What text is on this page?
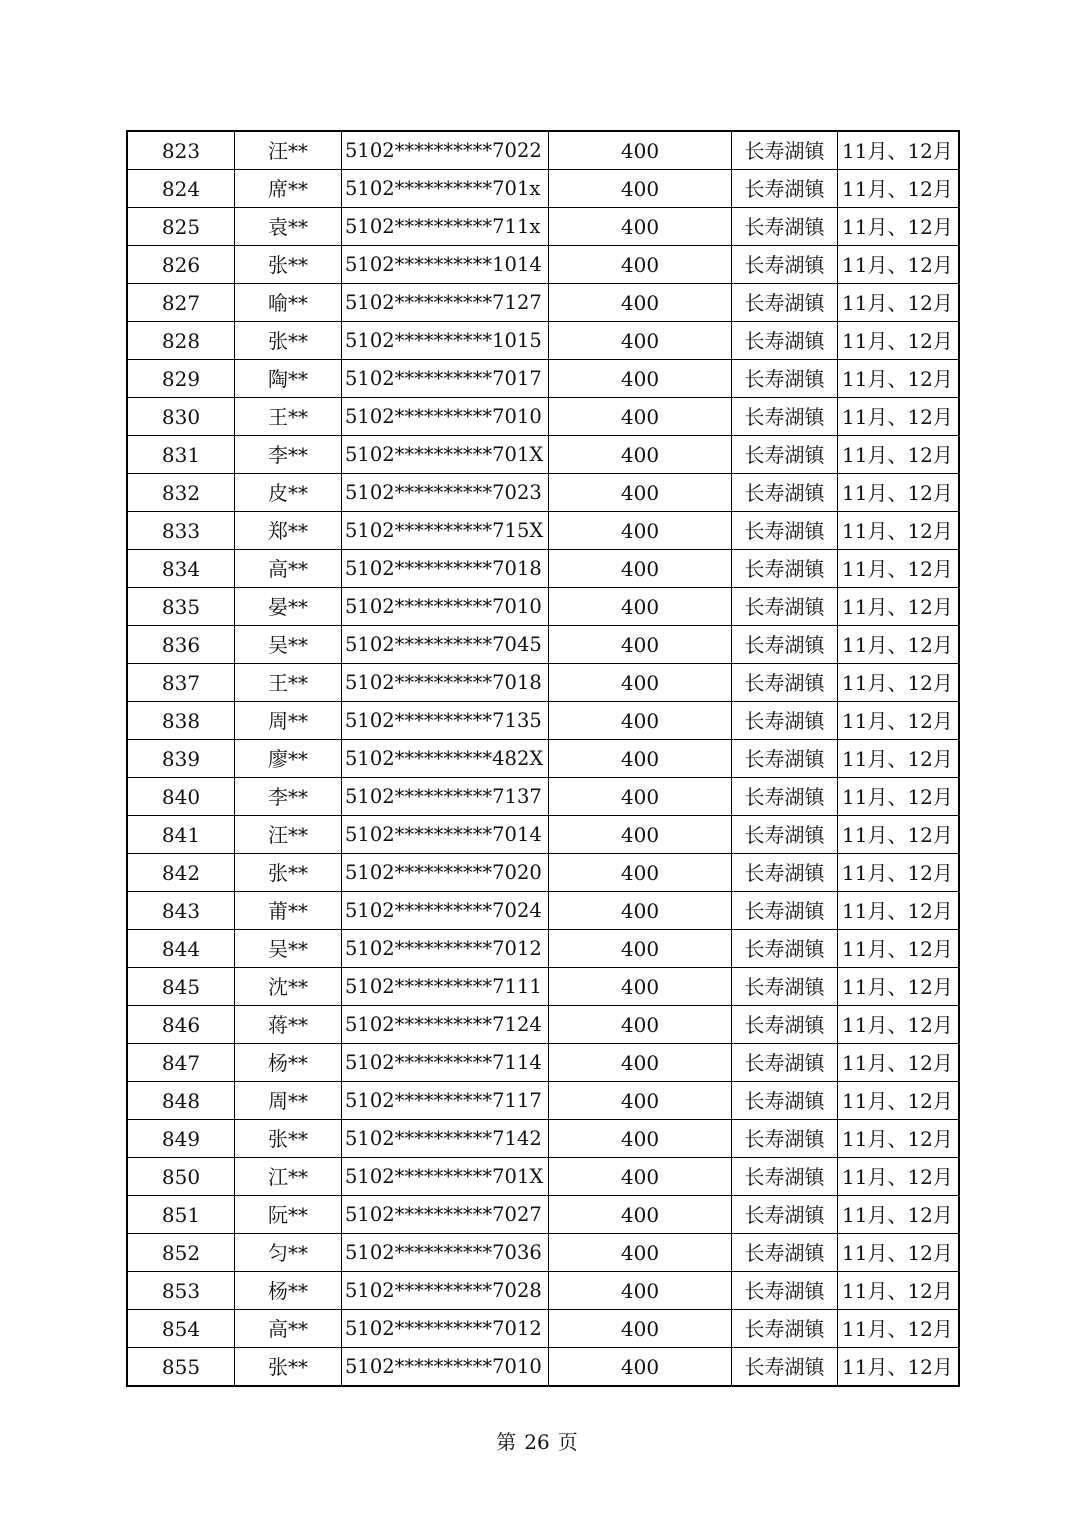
823	汪**	5102**********7022	400	长寿湖镇	11月、12月
824	席**	5102**********701x	400	长寿湖镇	11月、12月
825	袁**	5102**********711x	400	长寿湖镇	11月、12月
826	张**	5102**********1014	400	长寿湖镇	11月、12月
827	喻**	5102**********7127	400	长寿湖镇	11月、12月
828	张**	5102**********1015	400	长寿湖镇	11月、12月
829	陶**	5102**********7017	400	长寿湖镇	11月、12月
830	王**	5102**********7010	400	长寿湖镇	11月、12月
831	李**	5102**********701X	400	长寿湖镇	11月、12月
832	皮**	5102**********7023	400	长寿湖镇	11月、12月
833	郑**	5102**********715X	400	长寿湖镇	11月、12月
834	高**	5102**********7018	400	长寿湖镇	11月、12月
835	晏**	5102**********7010	400	长寿湖镇	11月、12月
836	吴**	5102**********7045	400	长寿湖镇	11月、12月
837	王**	5102**********7018	400	长寿湖镇	11月、12月
838	周**	5102**********7135	400	长寿湖镇	11月、12月
839	廖**	5102**********482X	400	长寿湖镇	11月、12月
840	李**	5102**********7137	400	长寿湖镇	11月、12月
841	汪**	5102**********7014	400	长寿湖镇	11月、12月
842	张**	5102**********7020	400	长寿湖镇	11月、12月
843	莆**	5102**********7024	400	长寿湖镇	11月、12月
844	吴**	5102**********7012	400	长寿湖镇	11月、12月
845	沈**	5102**********7111	400	长寿湖镇	11月、12月
846	蒋**	5102**********7124	400	长寿湖镇	11月、12月
847	杨**	5102**********7114	400	长寿湖镇	11月、12月
848	周**	5102**********7117	400	长寿湖镇	11月、12月
849	张**	5102**********7142	400	长寿湖镇	11月、12月
850	江**	5102**********701X	400	长寿湖镇	11月、12月
851	阮**	5102**********7027	400	长寿湖镇	11月、12月
852	匀**	5102**********7036	400	长寿湖镇	11月、12月
853	杨**	5102**********7028	400	长寿湖镇	11月、12月
854	高**	5102**********7012	400	长寿湖镇	11月、12月
855	张**	5102**********7010	400	长寿湖镇	11月、12月
第 26 页
